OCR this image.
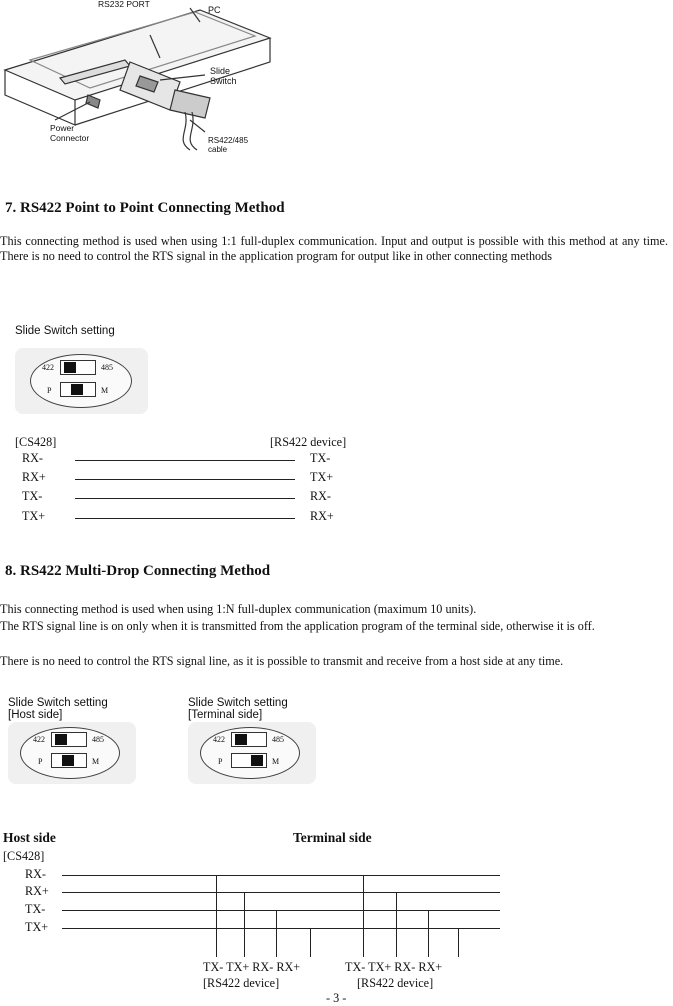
RS232 PORT
PC
Slide
Switch
Power
Connector	RS422/485
cable
7. RS422 Point to Point Connecting Method
This connecting method is used when using 1:1 full-duplex communication. Input and output is possible with this method at any time. There is no need to control the RTS signal in the application program for output like in other connecting methods
Slide Switch setting
422	485
P	M
[CS428]	[RS422 device]
RX-	TX-
RX+	TX+
TX-	RX-
TX+	RX+
8. RS422 Multi-Drop Connecting Method
This connecting method is used when using 1:N full-duplex communication (maximum 10 units).
The RTS signal line is on only when it is transmitted from the application program of the terminal side, otherwise it is off.
There is no need to control the RTS signal line, as it is possible to transmit and receive from a host side at any time.
Slide Switch setting
[Host side]
422	485
P	M
Slide Switch setting
[Terminal side]
422	485
P	M
Host side	Terminal side
[CS428]
RX-
RX+
TX-
TX+
TX- TX+ RX- RX+	TX- TX+ RX- RX+
[RS422 device]	[RS422 device]
- 3 -
